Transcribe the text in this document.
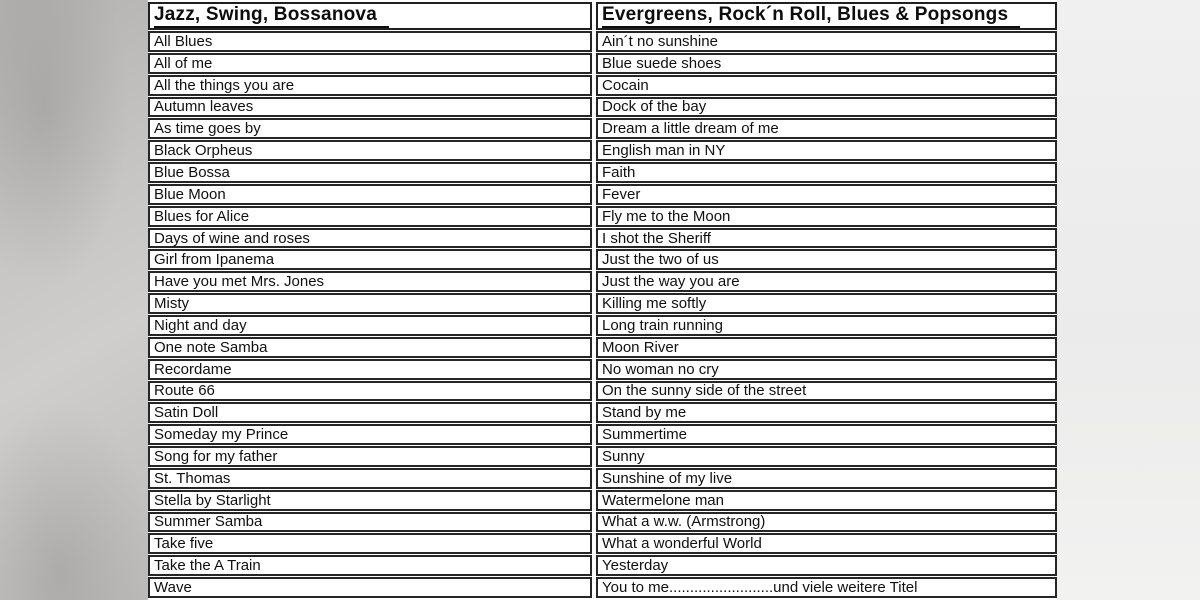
Jazz, Swing, Bossanova
All Blues
All of me
All the things you are
Autumn leaves
As time goes by
Black Orpheus
Blue Bossa
Blue Moon
Blues for Alice
Days of wine and roses
Girl from Ipanema
Have you met Mrs. Jones
Misty
Night and day
One note Samba
Recordame
Route 66
Satin Doll
Someday my Prince
Song for my father
St. Thomas
Stella by Starlight
Summer Samba
Take five
Take the A Train
Wave
Evergreens, Rock´n Roll, Blues & Popsongs
Ain´t no sunshine
Blue suede shoes
Cocain
Dock of the bay
Dream a little dream of me
English man in NY
Faith
Fever
Fly me to the Moon
I shot the Sheriff
Just the two of us
Just the way you are
Killing me softly
Long train running
Moon River
No woman no cry
On the sunny side of the street
Stand by me
Summertime
Sunny
Sunshine of my live
Watermelone man
What a w.w. (Armstrong)
What a wonderful World
Yesterday
You to me.........................und viele weitere Titel
